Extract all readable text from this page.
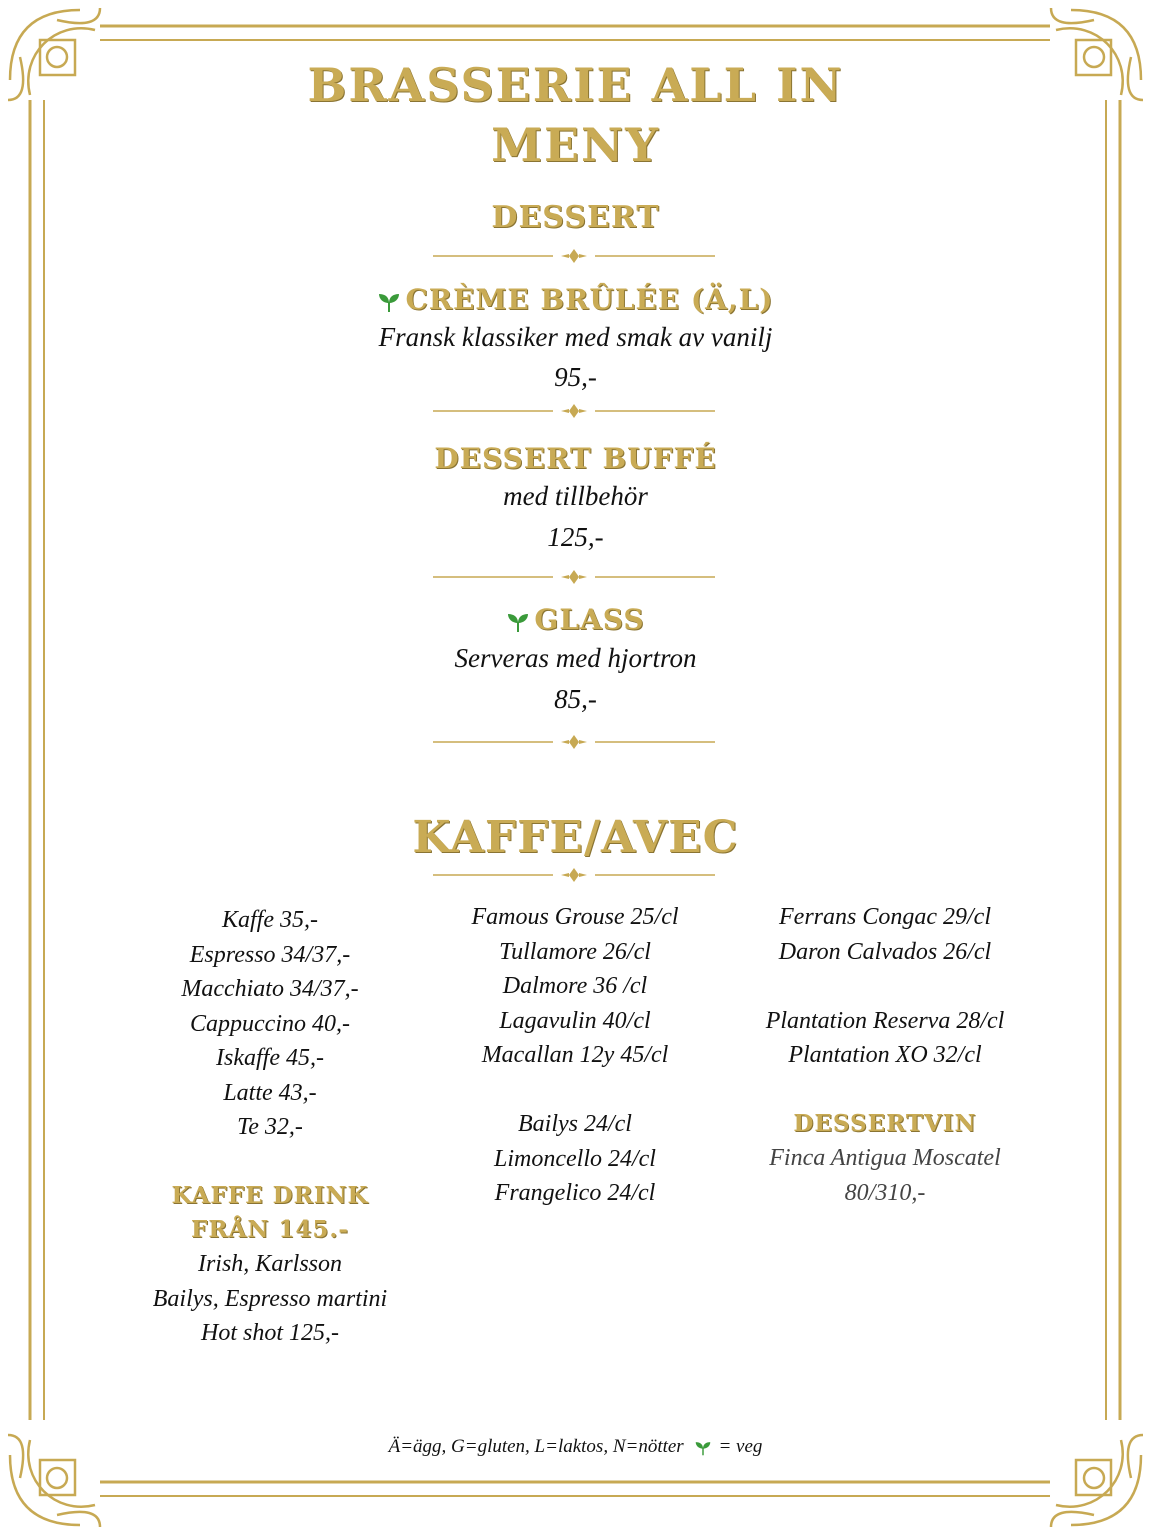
BRASSERIE ALL IN
MENY
DESSERT
CRÈME BRÛLÉE (Ä,L)
Fransk klassiker med smak av vanilj
95,-
DESSERT BUFFÉ
med tillbehör
125,-
GLASS
Serveras med hjortron
85,-
KAFFE/AVEC
Kaffe 35,-
Espresso 34/37,-
Macchiato 34/37,-
Cappuccino 40,-
Iskaffe 45,-
Latte 43,-
Te 32,-
KAFFE DRINK
FRÅN 145.-
Irish, Karlsson
Bailys, Espresso martini
Hot shot 125,-
Famous Grouse 25/cl
Tullamore 26/cl
Dalmore 36 /cl
Lagavulin 40/cl
Macallan 12y 45/cl
Bailys 24/cl
Limoncello 24/cl
Frangelico 24/cl
Ferrans Congac 29/cl
Daron Calvados 26/cl
Plantation Reserva 28/cl
Plantation XO 32/cl
DESSERTVIN
Finca Antigua Moscatel
80/310,-
Ä=ägg, G=gluten, L=laktos, N=nötter = veg
